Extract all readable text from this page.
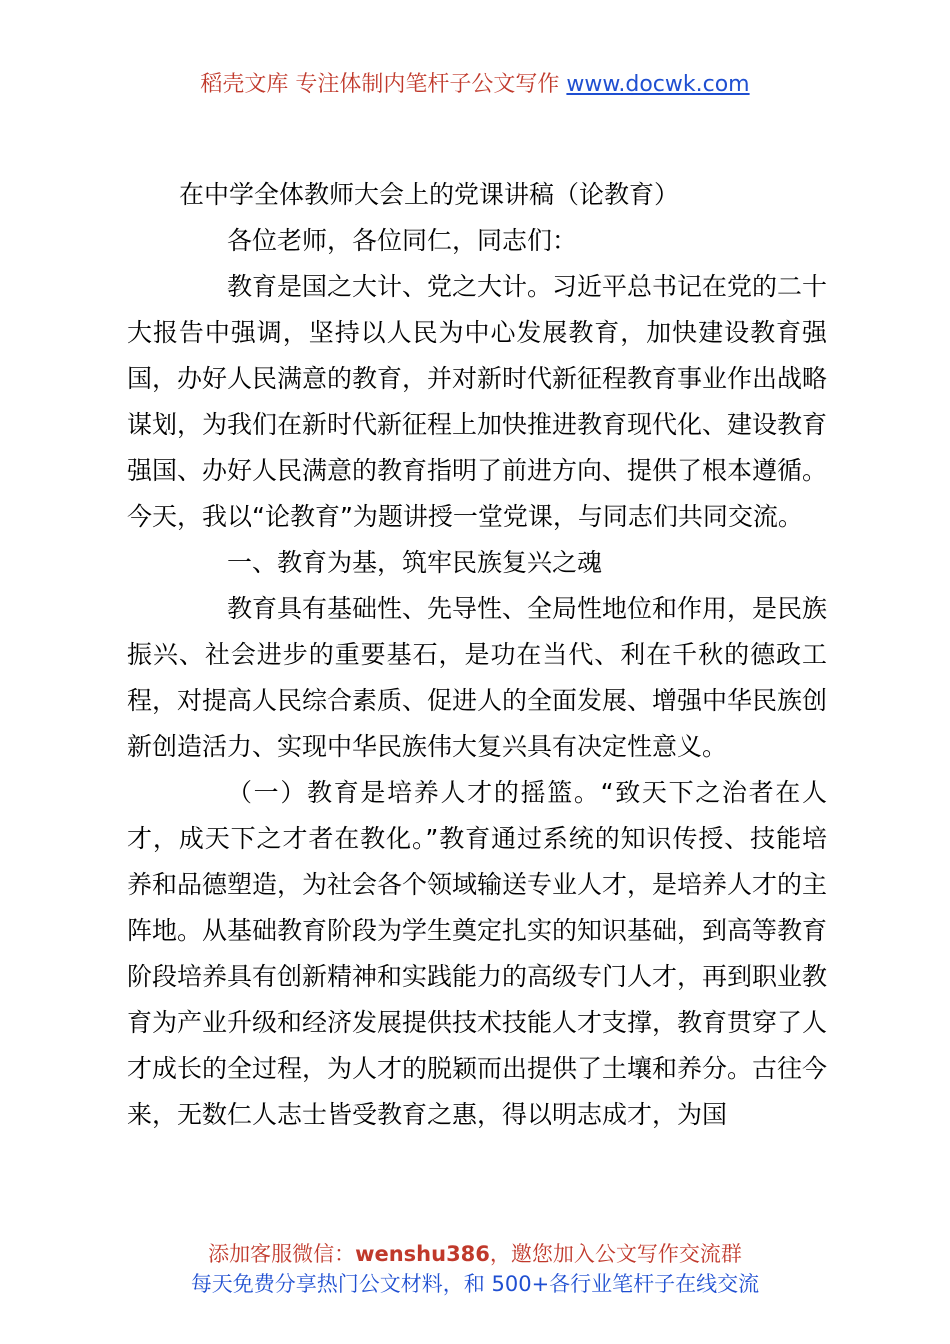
稻壳文库 专注体制内笔杆子公文写作 www.docwk.com

在中学全体教师大会上的党课讲稿（论教育）

各位老师，各位同仁，同志们：

教育是国之大计、党之大计。习近平总书记在党的二十大报告中强调，坚持以人民为中心发展教育，加快建设教育强国，办好人民满意的教育，并对新时代新征程教育事业作出战略谋划，为我们在新时代新征程上加快推进教育现代化、建设教育强国、办好人民满意的教育指明了前进方向、提供了根本遵循。今天，我以“论教育”为题讲授一堂党课，与同志们共同交流。

一、教育为基，筑牢民族复兴之魂

教育具有基础性、先导性、全局性地位和作用，是民族振兴、社会进步的重要基石，是功在当代、利在千秋的德政工程，对提高人民综合素质、促进人的全面发展、增强中华民族创新创造活力、实现中华民族伟大复兴具有决定性意义。

（一）教育是培养人才的摇篮。“致天下之治者在人才，成天下之才者在教化。”教育通过系统的知识传授、技能培养和品德塑造，为社会各个领域输送专业人才，是培养人才的主阵地。从基础教育阶段为学生奠定扎实的知识基础，到高等教育阶段培养具有创新精神和实践能力的高级专门人才，再到职业教育为产业升级和经济发展提供技术技能人才支撑，教育贯穿了人才成长的全过程，为人才的脱颖而出提供了土壤和养分。古往今来，无数仁人志士皆受教育之惠，得以明志成才，为国

添加客服微信：wenshu386，邀您加入公文写作交流群
每天免费分享热门公文材料，和 500+各行业笔杆子在线交流
